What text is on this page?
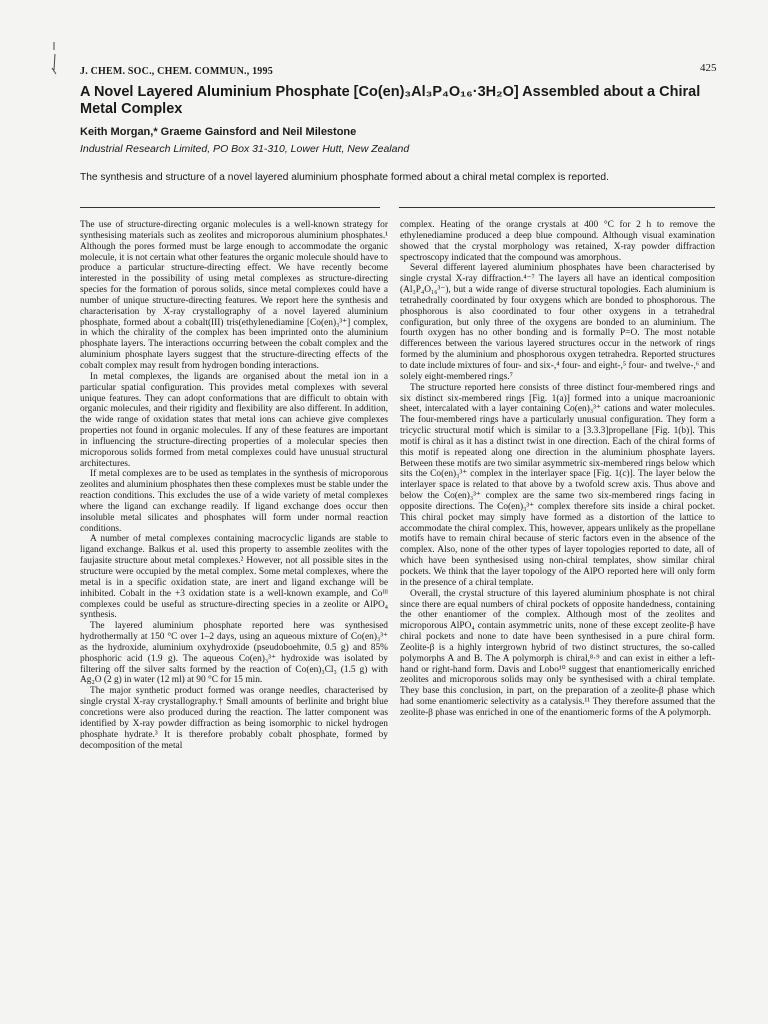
J. CHEM. SOC., CHEM. COMMUN., 1995	425
A Novel Layered Aluminium Phosphate [Co(en)₃Al₃P₄O₁₆·3H₂O] Assembled about a Chiral Metal Complex
Keith Morgan,* Graeme Gainsford and Neil Milestone
Industrial Research Limited, PO Box 31-310, Lower Hutt, New Zealand
The synthesis and structure of a novel layered aluminium phosphate formed about a chiral metal complex is reported.

The use of structure-directing organic molecules is a well-known strategy for synthesising materials such as zeolites and microporous aluminium phosphates.¹ Although the pores formed must be large enough to accommodate the organic molecule, it is not certain what other features the organic molecule should have to produce a particular structure-directing effect. We have recently become interested in the possibility of using metal complexes as structure-directing species for the formation of porous solids, since metal complexes could have a number of unique structure-directing features. We report here the synthesis and characterisation by X-ray crystallography of a novel layered aluminium phosphate, formed about a cobalt(III) tris(ethylenediamine [Co(en)₃³⁺] complex, in which the chirality of the complex has been imprinted onto the aluminium phosphate layers. The interactions occurring between the cobalt complex and the aluminium phosphate layers suggest that the structure-directing effects of the cobalt complex may result from hydrogen bonding interactions.

In metal complexes, the ligands are organised about the metal ion in a particular spatial configuration. This provides metal complexes with several unique features. They can adopt conformations that are difficult to obtain with organic molecules, and their rigidity and flexibility are also different. In addition, the wide range of oxidation states that metal ions can achieve give complexes properties not found in organic molecules. If any of these features are important in influencing the structure-directing properties of a molecular species then microporous solids formed from metal complexes could have unusual structural architectures.

If metal complexes are to be used as templates in the synthesis of microporous zeolites and aluminium phosphates then these complexes must be stable under the reaction conditions. This excludes the use of a wide variety of metal complexes where the ligand can exchange readily. If ligand exchange does occur then insoluble metal silicates and phosphates will form under normal reaction conditions.

A number of metal complexes containing macrocyclic ligands are stable to ligand exchange. Balkus et al. used this property to assemble zeolites with the faujasite structure about metal complexes.² However, not all possible sites in the structure were occupied by the metal complex. Some metal complexes, where the metal is in a specific oxidation state, are inert and ligand exchange will be inhibited. Cobalt in the +3 oxidation state is a well-known example, and Coᴵᴵᴵ complexes could be useful as structure-directing species in a zeolite or AlPO₄ synthesis.

The layered aluminium phosphate reported here was synthesised hydrothermally at 150 °C over 1–2 days, using an aqueous mixture of Co(en)₃³⁺ as the hydroxide, aluminium oxyhydroxide (pseudoboehmite, 0.5 g) and 85% phosphoric acid (1.9 g). The aqueous Co(en)₃³⁺ hydroxide was isolated by filtering off the silver salts formed by the reaction of Co(en)₃Cl₃ (1.5 g) with Ag₂O (2 g) in water (12 ml) at 90 °C for 15 min.

The major synthetic product formed was orange needles, characterised by single crystal X-ray crystallography.† Small amounts of berlinite and bright blue concretions were also produced during the reaction. The latter component was identified by X-ray powder diffraction as being isomorphic to nickel hydrogen phosphate hydrate.³ It is therefore probably cobalt phosphate, formed by decomposition of the metal

complex. Heating of the orange crystals at 400 °C for 2 h to remove the ethylenediamine produced a deep blue compound. Although visual examination showed that the crystal morphology was retained, X-ray powder diffraction spectroscopy indicated that the compound was amorphous.

Several different layered aluminium phosphates have been characterised by single crystal X-ray diffraction.⁴⁻⁷ The layers all have an identical composition (Al₃P₄O₁₆³⁻), but a wide range of diverse structural topologies. Each aluminium is tetrahedrally coordinated by four oxygens which are bonded to phosphorous. The phosphorous is also coordinated to four other oxygens in a tetrahedral configuration, but only three of the oxygens are bonded to an aluminium. The fourth oxygen has no other bonding and is formally P=O. The most notable differences between the various layered structures occur in the network of rings formed by the aluminium and phosphorous oxygen tetrahedra. Reported structures to date include mixtures of four- and six-,⁴ four- and eight-,⁵ four- and twelve-,⁶ and solely eight-membered rings.⁷

The structure reported here consists of three distinct four-membered rings and six distinct six-membered rings [Fig. 1(a)] formed into a unique macroanionic sheet, intercalated with a layer containing Co(en)₃³⁺ cations and water molecules. The four-membered rings have a particularly unusual configuration. They form a tricyclic structural motif which is similar to a [3.3.3]propellane [Fig. 1(b)]. This motif is chiral as it has a distinct twist in one direction. Each of the chiral forms of this motif is repeated along one direction in the aluminium phosphate layers. Between these motifs are two similar asymmetric six-membered rings below which sits the Co(en)₃³⁺ complex in the interlayer space [Fig. 1(c)]. The layer below the interlayer space is related to that above by a twofold screw axis. Thus above and below the Co(en)₃³⁺ complex are the same two six-membered rings facing in opposite directions. The Co(en)₃³⁺ complex therefore sits inside a chiral pocket. This chiral pocket may simply have formed as a distortion of the lattice to accommodate the chiral complex. This, however, appears unlikely as the propellane motifs have to remain chiral because of steric factors even in the absence of the complex. Also, none of the other types of layer topologies reported to date, all of which have been synthesised using non-chiral templates, show similar chiral pockets. We think that the layer topology of the AlPO reported here will only form in the presence of a chiral template.

Overall, the crystal structure of this layered aluminium phosphate is not chiral since there are equal numbers of chiral pockets of opposite handedness, containing the other enantiomer of the complex. Although most of the zeolites and microporous AlPO₄ contain asymmetric units, none of these except zeolite-β have chiral pockets and none to date have been synthesised in a pure chiral form. Zeolite-β is a highly intergrown hybrid of two distinct structures, the so-called polymorphs A and B. The A polymorph is chiral,⁸·⁹ and can exist in either a left-hand or right-hand form. Davis and Lobo¹⁰ suggest that enantiomerically enriched zeolites and microporous solids may only be synthesised with a chiral template. They base this conclusion, in part, on the preparation of a zeolite-β phase which had some enantiomeric selectivity as a catalysis.¹¹ They therefore assumed that the zeolite-β phase was enriched in one of the enantiomeric forms of the A polymorph.
